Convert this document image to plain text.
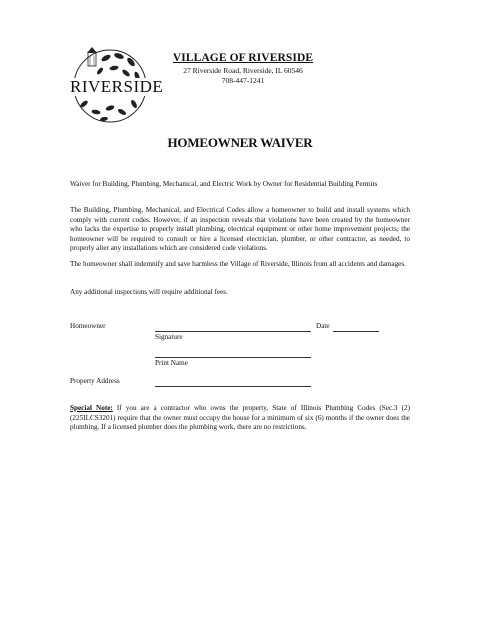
RIVERSIDE
VILLAGE OF RIVERSIDE
27 Riverside Road, Riverside, IL 60546
708-447-1241
HOMEOWNER WAIVER
Waiver for Building, Plumbing, Mechanical, and Electric Work by Owner for Residential Building Permits
The Building, Plumbing, Mechanical, and Electrical Codes allow a homeowner to build and install systems which comply with current codes. However, if an inspection reveals that violations have been created by the homeowner who lacks the expertise to properly install plumbing, electrical equipment or other home improvement projects; the homeowner will be required to consult or hire a licensed electrician, plumber, or other contractor, as needed, to properly alter any installations which are considered code violations.
The homeowner shall indemnify and save harmless the Village of Riverside, Illinois from all accidents and damages.
Any additional inspections will require additional fees.
Homeowner	Date
Signature
Print Name
Property Address
Special Note: If you are a contractor who owns the property, State of Illinois Plumbing Codes (Sec.3 (2)(225ILCS3201) require that the owner must occupy the house for a minimum of six (6) months if the owner does the plumbing. If a licensed plumber does the plumbing work, there are no restrictions.
